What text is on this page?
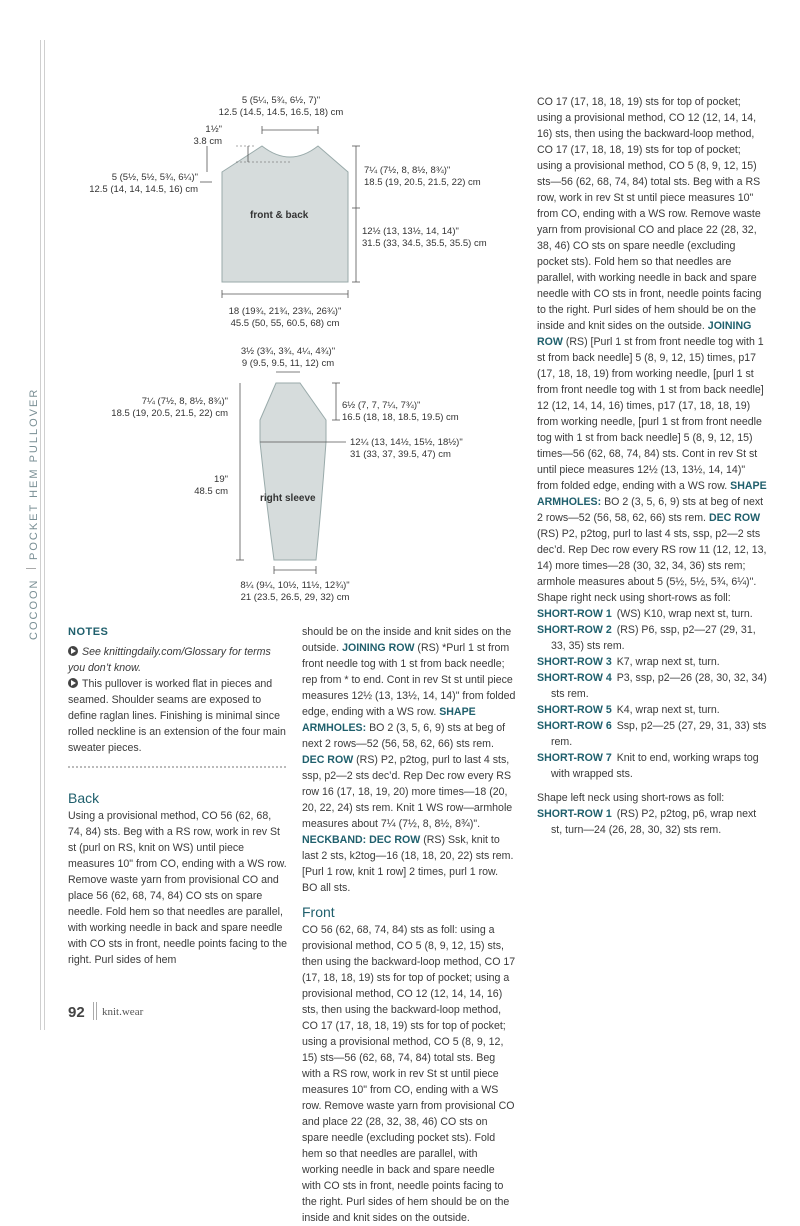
COCOON
POCKET HEM PULLOVER
5 (5¼, 5¾, 6½, 7)"
12.5 (14.5, 14.5, 16.5, 18) cm
1½"
3.8 cm
5 (5½, 5½, 5¾, 6¼)"
12.5 (14, 14, 14.5, 16) cm
7¼ (7½, 8, 8½, 8¾)"
18.5 (19, 20.5, 21.5, 22) cm
front & back
12½ (13, 13½, 14, 14)"
31.5 (33, 34.5, 35.5, 35.5) cm
18 (19¾, 21¾, 23¾, 26¾)"
45.5 (50, 55, 60.5, 68) cm
3½ (3¾, 3¾, 4¼, 4¾)"
9 (9.5, 9.5, 11, 12) cm
7¼ (7½, 8, 8½, 8¾)"
18.5 (19, 20.5, 21.5, 22) cm
6½ (7, 7, 7¼, 7¾)"
16.5 (18, 18, 18.5, 19.5) cm
12¼ (13, 14½, 15½, 18½)"
31 (33, 37, 39.5, 47) cm
19"
48.5 cm
right sleeve
8¼ (9¼, 10½, 11½, 12¾)"
21 (23.5, 26.5, 29, 32) cm
NOTES

See knittingdaily.com/Glossary for terms you don’t know.

This pullover is worked flat in pieces and seamed. Shoulder seams are exposed to define raglan lines. Finishing is minimal since rolled neckline is an extension of the four main sweater pieces.

Back

Using a provisional method, CO 56 (62, 68, 74, 84) sts. Beg with a RS row, work in rev St st (purl on RS, knit on WS) until piece measures 10" from CO, ending with a WS row. Remove waste yarn from provisional CO and place 56 (62, 68, 74, 84) CO sts on spare needle. Fold hem so that needles are parallel, with working needle in back and spare needle with CO sts in front, needle points facing to the right. Purl sides of hem

should be on the inside and knit sides on the outside. JOINING ROW (RS) *Purl 1 st from front needle tog with 1 st from back needle; rep from * to end. Cont in rev St st until piece measures 12½ (13, 13½, 14, 14)" from folded edge, ending with a WS row. SHAPE ARMHOLES: BO 2 (3, 5, 6, 9) sts at beg of next 2 rows—52 (56, 58, 62, 66) sts rem. DEC ROW (RS) P2, p2tog, purl to last 4 sts, ssp, p2—2 sts dec’d. Rep Dec row every RS row 16 (17, 18, 19, 20) more times—18 (20, 20, 22, 24) sts rem. Knit 1 WS row—armhole measures about 7¼ (7½, 8, 8½, 8¾)". NECKBAND: DEC ROW (RS) Ssk, knit to last 2 sts, k2tog—16 (18, 18, 20, 22) sts rem. [Purl 1 row, knit 1 row] 2 times, purl 1 row. BO all sts.

Front

CO 56 (62, 68, 74, 84) sts as foll: using a provisional method, CO 5 (8, 9, 12, 15) sts, then using the backward-loop method, CO 17 (17, 18, 18, 19) sts for top of pocket; using a provisional method, CO 12 (12, 14, 14, 16) sts, then using the backward-loop method, CO 17 (17, 18, 18, 19) sts for top of pocket; using a provisional method, CO 5 (8, 9, 12, 15) sts—56 (62, 68, 74, 84) total sts. Beg with a RS row, work in rev St st until piece measures 10" from CO, ending with a WS row. Remove waste yarn from provisional CO and place 22 (28, 32, 38, 46) CO sts on spare needle (excluding pocket sts). Fold hem so that needles are parallel, with working needle in back and spare needle with CO sts in front, needle points facing to the right. Purl sides of hem should be on the inside and knit sides on the outside.

CO 17 (17, 18, 18, 19) sts for top of pocket; using a provisional method, CO 12 (12, 14, 14, 16) sts, then using the backward-loop method, CO 17 (17, 18, 18, 19) sts for top of pocket; using a provisional method, CO 5 (8, 9, 12, 15) sts—56 (62, 68, 74, 84) total sts. Beg with a RS row, work in rev St st until piece measures 10" from CO, ending with a WS row. Remove waste yarn from provisional CO and place 22 (28, 32, 38, 46) CO sts on spare needle (excluding pocket sts). Fold hem so that needles are parallel, with working needle in back and spare needle with CO sts in front, needle points facing to the right. Purl sides of hem should be on the inside and knit sides on the outside. JOINING ROW (RS) [Purl 1 st from front needle tog with 1 st from back needle] 5 (8, 9, 12, 15) times, p17 (17, 18, 18, 19) from working needle, [purl 1 st from front needle tog with 1 st from back needle] 12 (12, 14, 14, 16) times, p17 (17, 18, 18, 19) from working needle, [purl 1 st from front needle tog with 1 st from back needle] 5 (8, 9, 12, 15) times—56 (62, 68, 74, 84) sts. Cont in rev St st until piece measures 12½ (13, 13½, 14, 14)" from folded edge, ending with a WS row. SHAPE ARMHOLES: BO 2 (3, 5, 6, 9) sts at beg of next 2 rows—52 (56, 58, 62, 66) sts rem. DEC ROW (RS) P2, p2tog, purl to last 4 sts, ssp, p2—2 sts dec’d. Rep Dec row every RS row 11 (12, 12, 13, 14) more times—28 (30, 32, 34, 36) sts rem; armhole measures about 5 (5½, 5½, 5¾, 6¼)". Shape right neck using short-rows as foll:

SHORT-ROW 1 (WS) K10, wrap next st, turn.

SHORT-ROW 2 (RS) P6, ssp, p2—27 (29, 31, 33, 35) sts rem.

SHORT-ROW 3 K7, wrap next st, turn.

SHORT-ROW 4 P3, ssp, p2—26 (28, 30, 32, 34) sts rem.

SHORT-ROW 5 K4, wrap next st, turn.

SHORT-ROW 6 Ssp, p2—25 (27, 29, 31, 33) sts rem.

SHORT-ROW 7 Knit to end, working wraps tog with wrapped sts.

Shape left neck using short-rows as foll:

SHORT-ROW 1 (RS) P2, p2tog, p6, wrap next st, turn—24 (26, 28, 30, 32) sts rem.

92 knit.wear
